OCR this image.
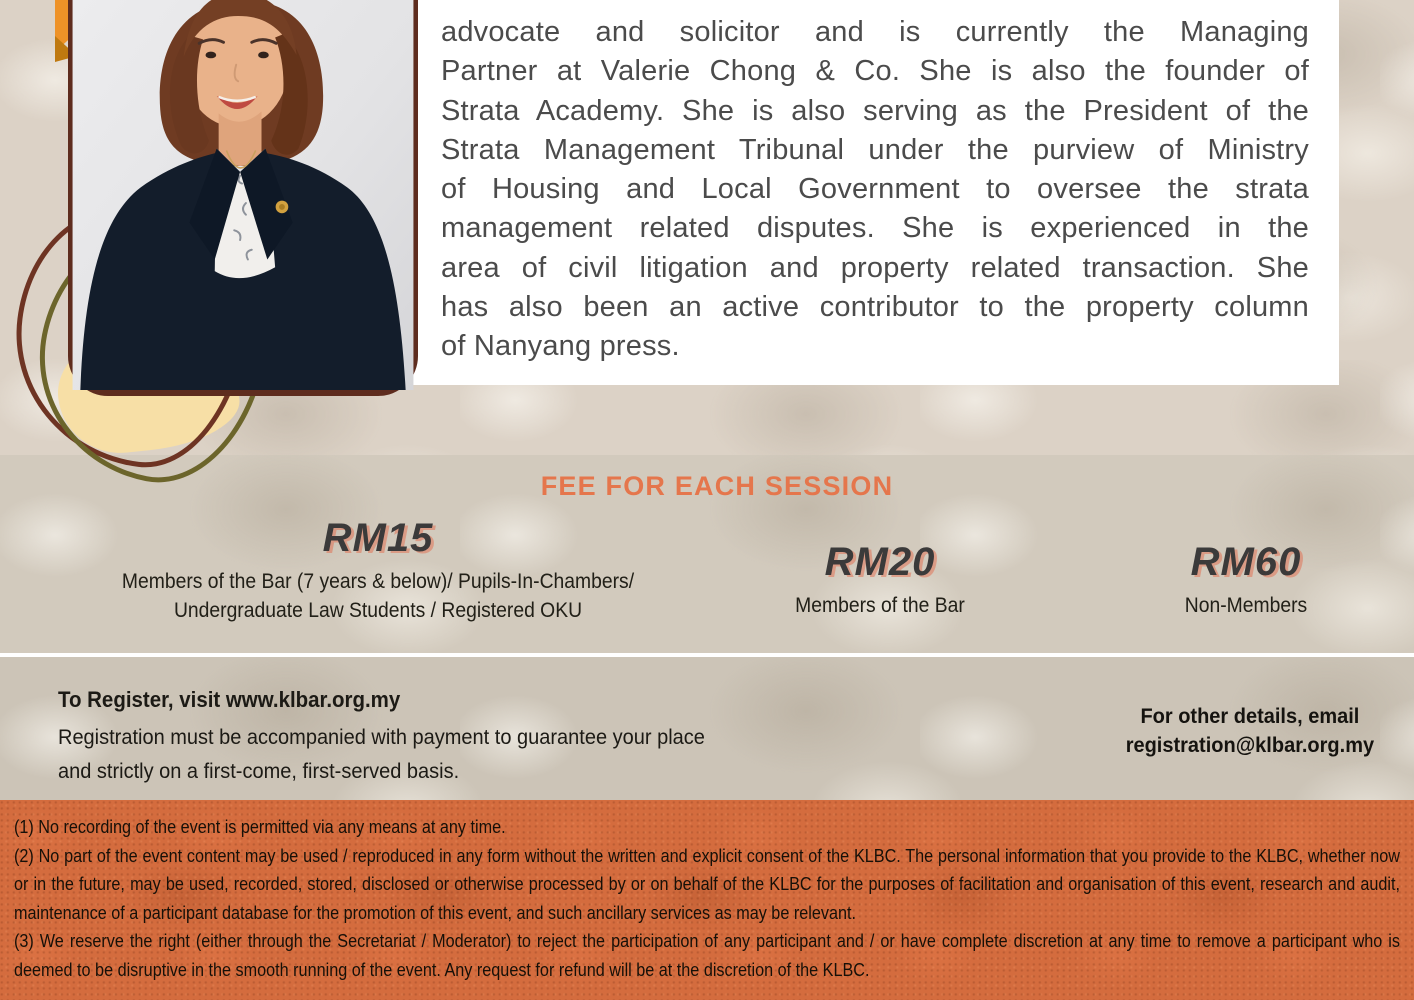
advocate and solicitor and is currently the Managing
Partner at Valerie Chong & Co. She is also the founder of
Strata Academy. She is also serving as the President of the
Strata Management Tribunal under the purview of Ministry
of Housing and Local Government to oversee the strata
management related disputes. She is experienced in the
area of civil litigation and property related transaction. She
has also been an active contributor to the property column
of Nanyang press.
FEE FOR EACH SESSION
RM15
Members of the Bar (7 years & below)/ Pupils-In-Chambers/ Undergraduate Law Students / Registered OKU
RM20
Members of the Bar
RM60
Non-Members
To Register, visit www.klbar.org.my
Registration must be accompanied with payment to guarantee your place
and strictly on a first-come, first-served basis.
For other details, email
registration@klbar.org.my

(1) No recording of the event is permitted via any means at any time.

(2) No part of the event content may be used / reproduced in any form without the written and explicit consent of the KLBC. The personal information that you provide to the KLBC, whether now or in the future, may be used, recorded, stored, disclosed or otherwise processed by or on behalf of the KLBC for the purposes of facilitation and organisation of this event, research and audit, maintenance of a participant database for the promotion of this event, and such ancillary services as may be relevant.

(3) We reserve the right (either through the Secretariat / Moderator) to reject the participation of any participant and / or have complete discretion at any time to remove a participant who is deemed to be disruptive in the smooth running of the event. Any request for refund will be at the discretion of the KLBC.
